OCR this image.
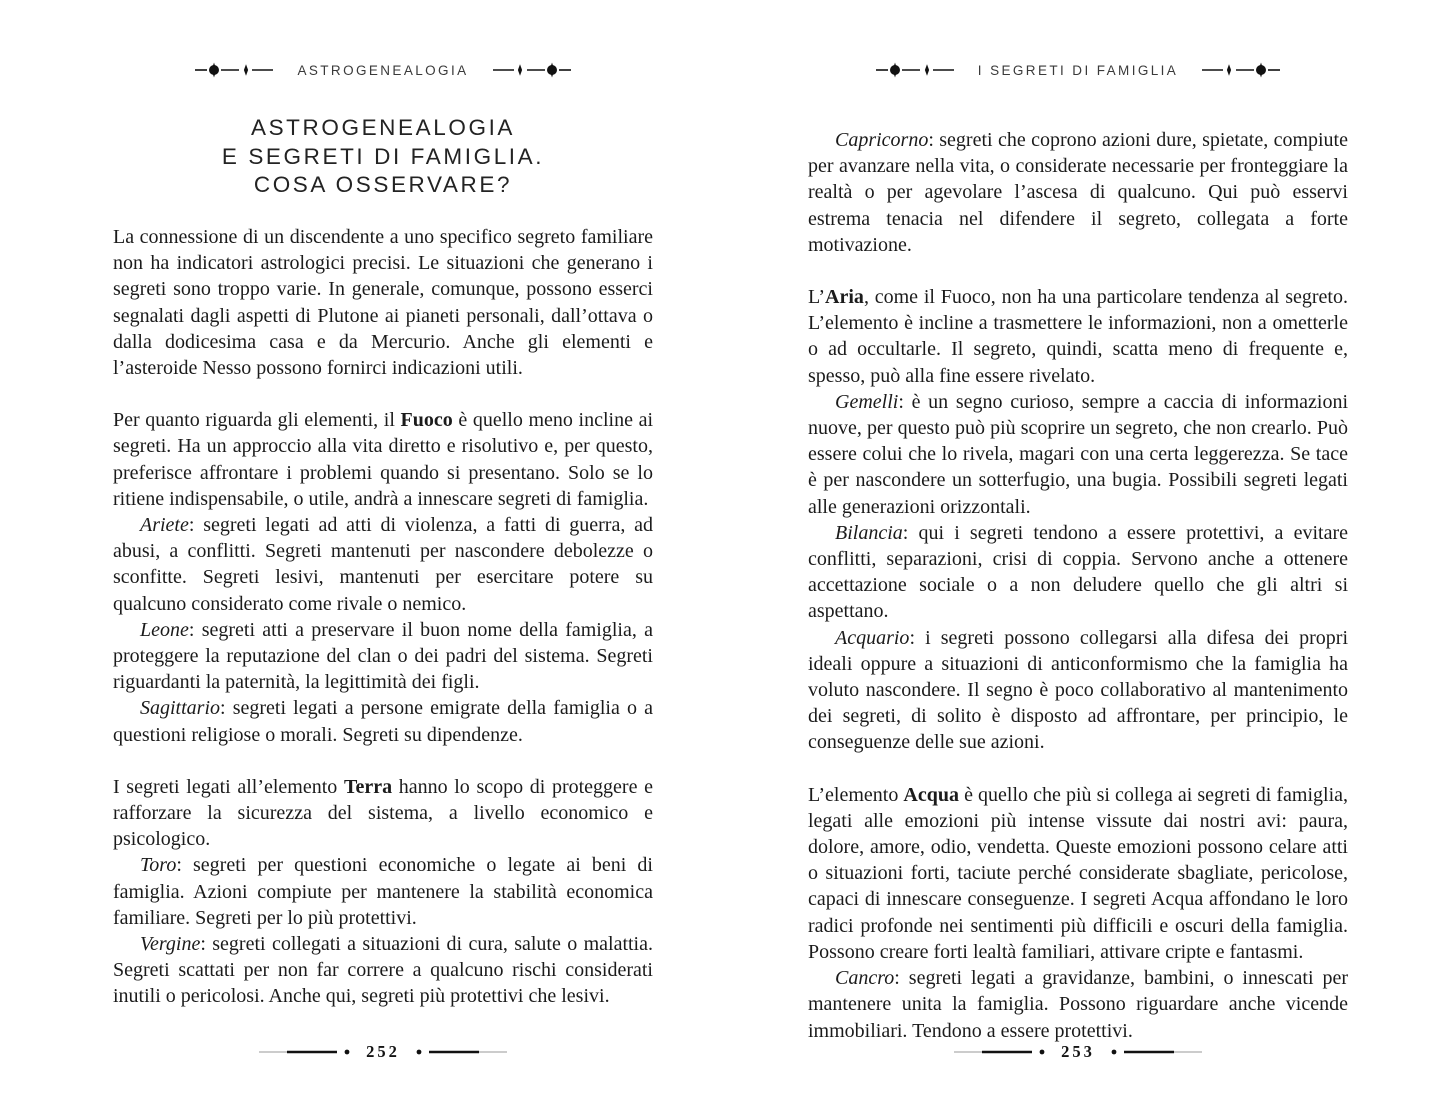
ASTROGENEALOGIA
ASTROGENEALOGIA
E SEGRETI DI FAMIGLIA.
COSA OSSERVARE?

La connessione di un discendente a uno specifico segreto familiare non ha indicatori astrologici precisi. Le situazioni che generano i segreti sono troppo varie. In generale, comunque, possono esserci segnalati dagli aspetti di Plutone ai pianeti personali, dall’ottava o dalla dodicesima casa e da Mercurio. Anche gli elementi e l’asteroide Nesso possono fornirci indicazioni utili.

Per quanto riguarda gli elementi, il Fuoco è quello meno incline ai segreti. Ha un approccio alla vita diretto e risolutivo e, per questo, preferisce affrontare i problemi quando si presentano. Solo se lo ritiene indispensabile, o utile, andrà a innescare segreti di famiglia.

Ariete: segreti legati ad atti di violenza, a fatti di guerra, ad abusi, a conflitti. Segreti mantenuti per nascondere debolezze o sconfitte. Segreti lesivi, mantenuti per esercitare potere su qualcuno considerato come rivale o nemico.

Leone: segreti atti a preservare il buon nome della famiglia, a proteggere la reputazione del clan o dei padri del sistema. Segreti riguardanti la paternità, la legittimità dei figli.

Sagittario: segreti legati a persone emigrate della famiglia o a questioni religiose o morali. Segreti su dipendenze.

I segreti legati all’elemento Terra hanno lo scopo di proteggere e rafforzare la sicurezza del sistema, a livello economico e psicologico.

Toro: segreti per questioni economiche o legate ai beni di famiglia. Azioni compiute per mantenere la stabilità economica familiare. Segreti per lo più protettivi.

Vergine: segreti collegati a situazioni di cura, salute o malattia. Segreti scattati per non far correre a qualcuno rischi considerati inutili o pericolosi. Anche qui, segreti più protettivi che lesivi.

252
I SEGRETI DI FAMIGLIA

Capricorno: segreti che coprono azioni dure, spietate, compiute per avanzare nella vita, o considerate necessarie per fronteggiare la realtà o per agevolare l’ascesa di qualcuno. Qui può esservi estrema tenacia nel difendere il segreto, collegata a forte motivazione.

L’Aria, come il Fuoco, non ha una particolare tendenza al segreto. L’elemento è incline a trasmettere le informazioni, non a ometterle o ad occultarle. Il segreto, quindi, scatta meno di frequente e, spesso, può alla fine essere rivelato.

Gemelli: è un segno curioso, sempre a caccia di informazioni nuove, per questo può più scoprire un segreto, che non crearlo. Può essere colui che lo rivela, magari con una certa leggerezza. Se tace è per nascondere un sotterfugio, una bugia. Possibili segreti legati alle generazioni orizzontali.

Bilancia: qui i segreti tendono a essere protettivi, a evitare conflitti, separazioni, crisi di coppia. Servono anche a ottenere accettazione sociale o a non deludere quello che gli altri si aspettano.

Acquario: i segreti possono collegarsi alla difesa dei propri ideali oppure a situazioni di anticonformismo che la famiglia ha voluto nascondere. Il segno è poco collaborativo al mantenimento dei segreti, di solito è disposto ad affrontare, per principio, le conseguenze delle sue azioni.

L’elemento Acqua è quello che più si collega ai segreti di famiglia, legati alle emozioni più intense vissute dai nostri avi: paura, dolore, amore, odio, vendetta. Queste emozioni possono celare atti o situazioni forti, taciute perché considerate sbagliate, pericolose, capaci di innescare conseguenze. I segreti Acqua affondano le loro radici profonde nei sentimenti più difficili e oscuri della famiglia. Possono creare forti lealtà familiari, attivare cripte e fantasmi.

Cancro: segreti legati a gravidanze, bambini, o innescati per mantenere unita la famiglia. Possono riguardare anche vicende immobiliari. Tendono a essere protettivi.

253
